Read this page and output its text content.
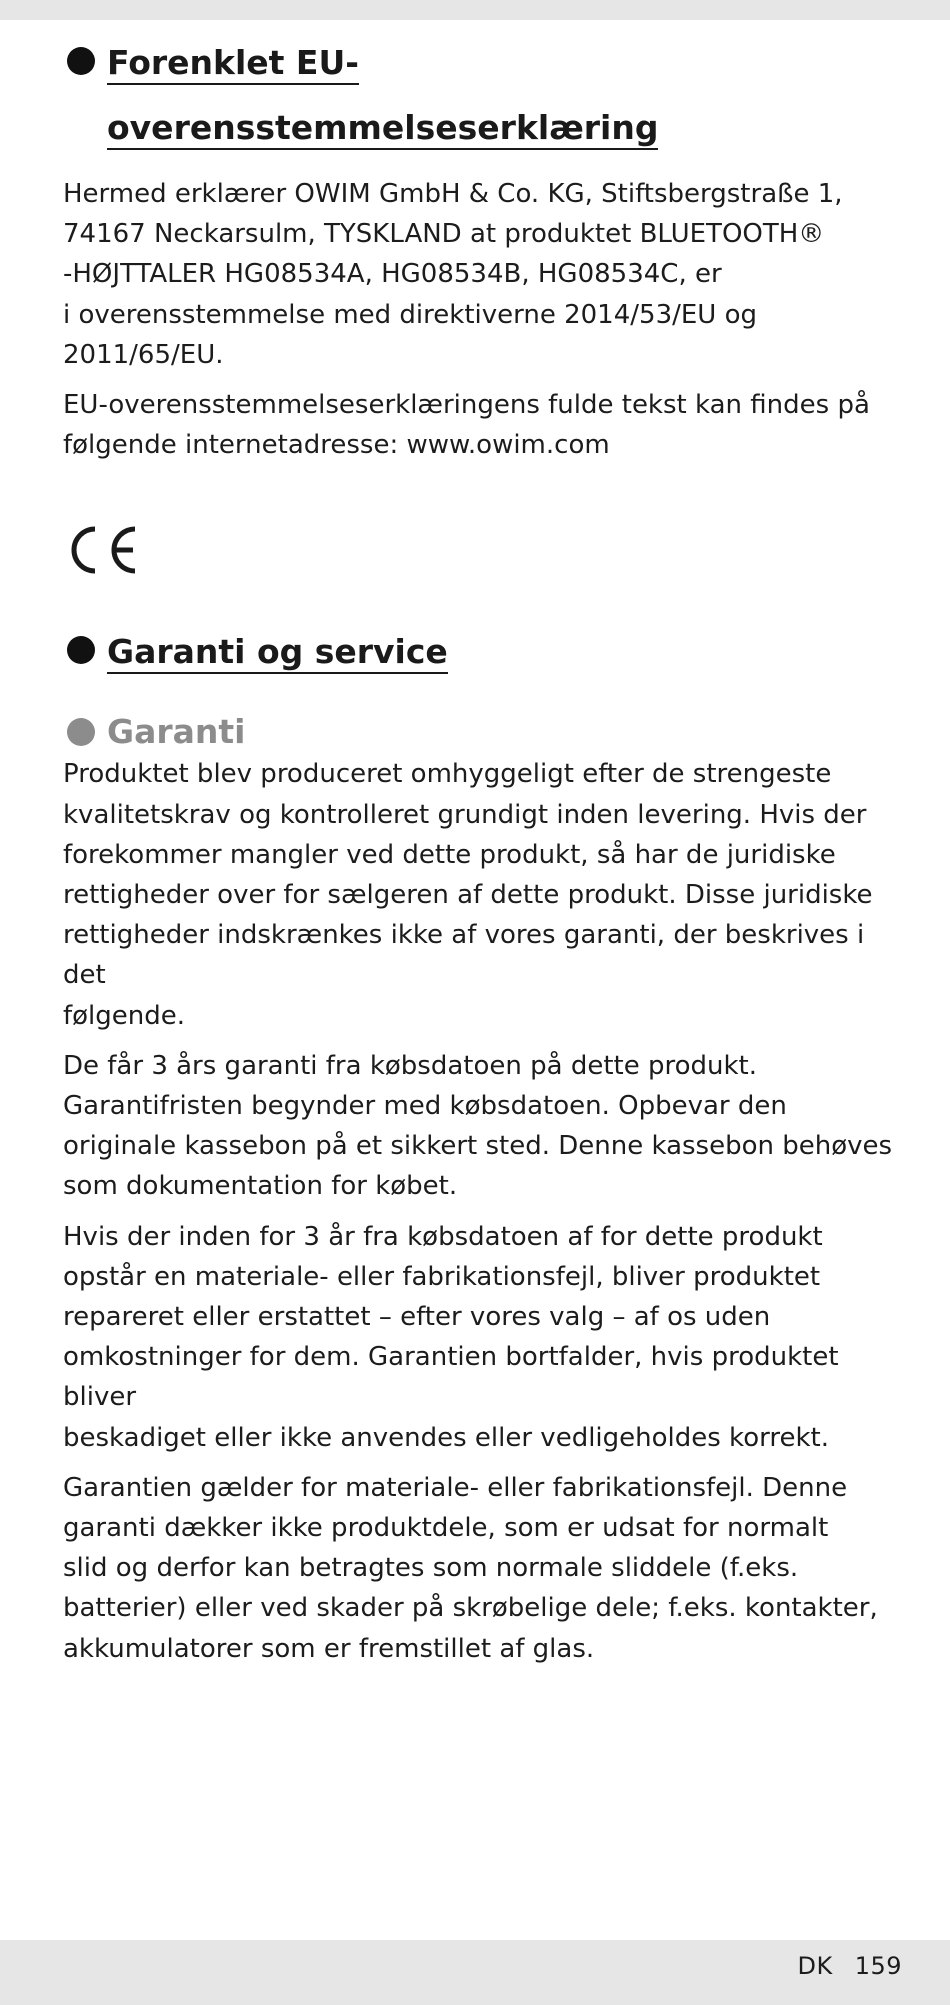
Forenklet EU-
overensstemmelseserklæring

Hermed erklærer OWIM GmbH & Co. KG, Stiftsbergstraße 1,
74167 Neckarsulm, TYSKLAND at produktet BLUETOOTH®
-HØJTTALER HG08534A, HG08534B, HG08534C, er
i overensstemmelse med direktiverne 2014/53/EU og
2011/65/EU.

EU-overensstemmelseserklæringens fulde tekst kan findes på
følgende internetadresse: www.owim.com

Garanti og service
Garanti

Produktet blev produceret omhyggeligt efter de strengeste
kvalitetskrav og kontrolleret grundigt inden levering. Hvis der
forekommer mangler ved dette produkt, så har de juridiske
rettigheder over for sælgeren af dette produkt. Disse juridiske
rettigheder indskrænkes ikke af vores garanti, der beskrives i det
følgende.

De får 3 års garanti fra købsdatoen på dette produkt.
Garantifristen begynder med købsdatoen. Opbevar den
originale kassebon på et sikkert sted. Denne kassebon behøves
som dokumentation for købet.

Hvis der inden for 3 år fra købsdatoen af for dette produkt
opstår en materiale- eller fabrikationsfejl, bliver produktet
repareret eller erstattet – efter vores valg – af os uden
omkostninger for dem. Garantien bortfalder, hvis produktet bliver
beskadiget eller ikke anvendes eller vedligeholdes korrekt.

Garantien gælder for materiale- eller fabrikationsfejl. Denne
garanti dækker ikke produktdele, som er udsat for normalt
slid og derfor kan betragtes som normale sliddele (f.eks.
batterier) eller ved skader på skrøbelige dele; f.eks. kontakter,
akkumulatorer som er fremstillet af glas.

DK 159
